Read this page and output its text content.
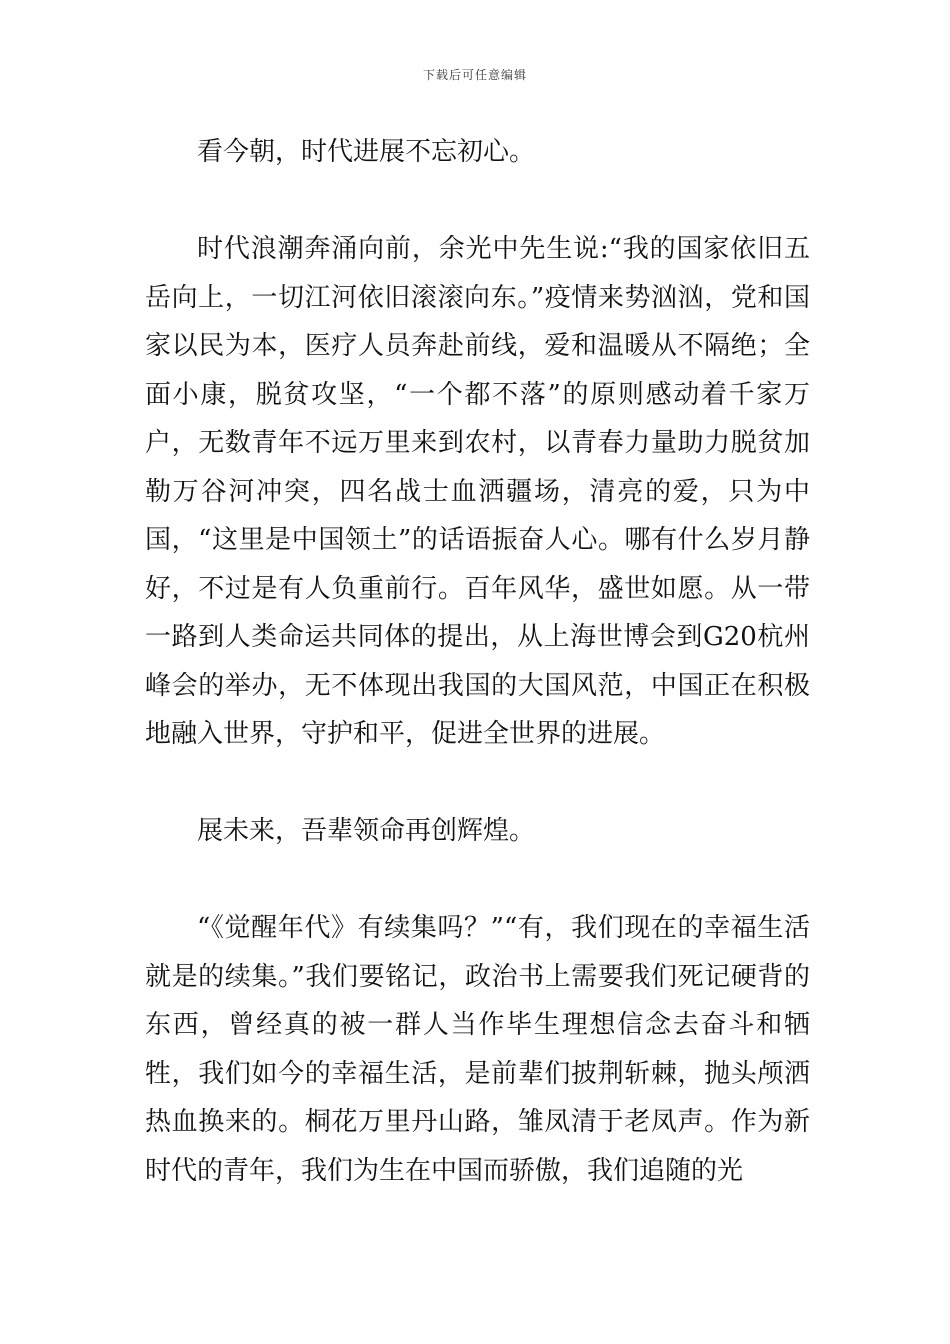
下载后可任意编辑

看今朝，时代进展不忘初心。

时代浪潮奔涌向前，余光中先生说:“我的国家依旧五岳向上，一切江河依旧滚滚向东。”疫情来势汹汹，党和国家以民为本，医疗人员奔赴前线，爱和温暖从不隔绝；全面小康，脱贫攻坚，“一个都不落”的原则感动着千家万户，无数青年不远万里来到农村，以青春力量助力脱贫加勒万谷河冲突，四名战士血洒疆场，清亮的爱，只为中国，“这里是中国领土”的话语振奋人心。哪有什么岁月静好，不过是有人负重前行。百年风华，盛世如愿。从一带一路到人类命运共同体的提出，从上海世博会到G20杭州峰会的举办，无不体现出我国的大国风范，中国正在积极地融入世界，守护和平，促进全世界的进展。

展未来，吾辈领命再创辉煌。

“《觉醒年代》有续集吗？”“有，我们现在的幸福生活就是的续集。”我们要铭记，政治书上需要我们死记硬背的东西，曾经真的被一群人当作毕生理想信念去奋斗和牺牲，我们如今的幸福生活，是前辈们披荆斩棘，抛头颅洒热血换来的。桐花万里丹山路，雏凤清于老凤声。作为新时代的青年，我们为生在中国而骄傲，我们追随的光
